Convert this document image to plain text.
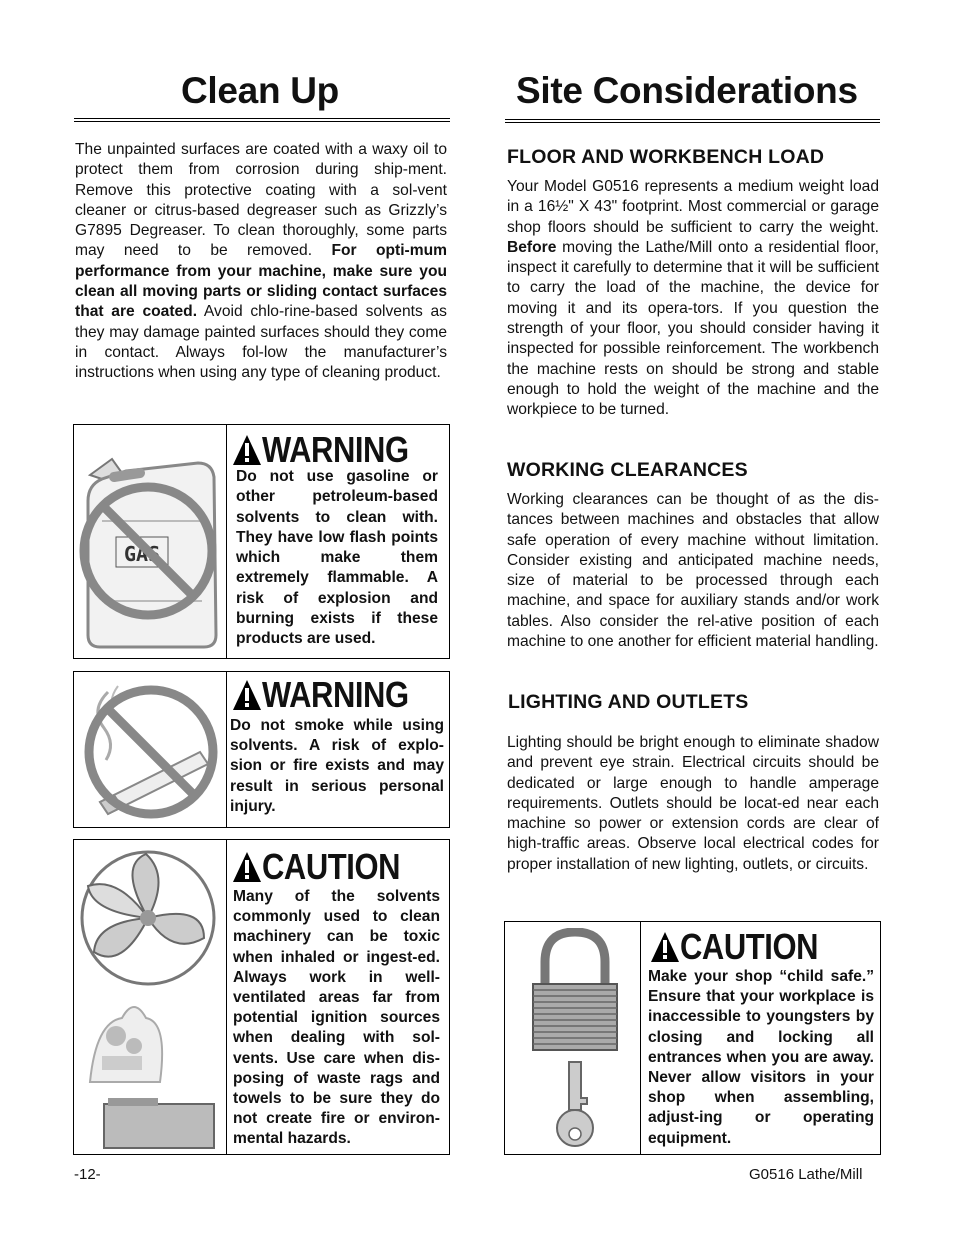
Clean Up

The unpainted surfaces are coated with a waxy oil to protect them from corrosion during ship-ment. Remove this protective coating with a sol-vent cleaner or citrus-based degreaser such as Grizzly’s G7895 Degreaser. To clean thoroughly, some parts may need to be removed. For opti-mum performance from your machine, make sure you clean all moving parts or sliding contact surfaces that are coated. Avoid chlo-rine-based solvents as they may damage painted surfaces should they come in contact. Always fol-low the manufacturer’s instructions when using any type of cleaning product.

GAS
WARNING

Do not use gasoline or other petroleum-based solvents to clean with. They have low flash points which make them extremely flammable. A risk of explosion and burning exists if these products are used.

WARNING

Do not smoke while using solvents. A risk of explo-sion or fire exists and may result in serious personal injury.

CAUTION

Many of the solvents commonly used to clean machinery can be toxic when inhaled or ingest-ed. Always work in well-ventilated areas far from potential ignition sources when dealing with sol-vents. Use care when dis-posing of waste rags and towels to be sure they do not create fire or environ-mental hazards.

Site Considerations
FLOOR AND WORKBENCH LOAD

Your Model G0516 represents a medium weight load in a 16½" X 43" footprint. Most commercial or garage shop floors should be sufficient to carry the weight. Before moving the Lathe/Mill onto a residential floor, inspect it carefully to determine that it will be sufficient to carry the load of the machine, the device for moving it and its opera-tors. If you question the strength of your floor, you should consider having it inspected for possible reinforcement. The workbench the machine rests on should be strong and stable enough to hold the weight of the machine and the workpiece to be turned.

WORKING CLEARANCES

Working clearances can be thought of as the dis-tances between machines and obstacles that allow safe operation of every machine without limitation. Consider existing and anticipated machine needs, size of material to be processed through each machine, and space for auxiliary stands and/or work tables. Also consider the rel-ative position of each machine to one another for efficient material handling.

LIGHTING AND OUTLETS

Lighting should be bright enough to eliminate shadow and prevent eye strain. Electrical circuits should be dedicated or large enough to handle amperage requirements. Outlets should be locat-ed near each machine so power or extension cords are clear of high-traffic areas. Observe local electrical codes for proper installation of new lighting, outlets, or circuits.

CAUTION

Make your shop “child safe.” Ensure that your workplace is inaccessible to youngsters by closing and locking all entrances when you are away. Never allow visitors in your shop when assembling, adjust-ing or operating equipment.

-12-	G0516 Lathe/Mill
